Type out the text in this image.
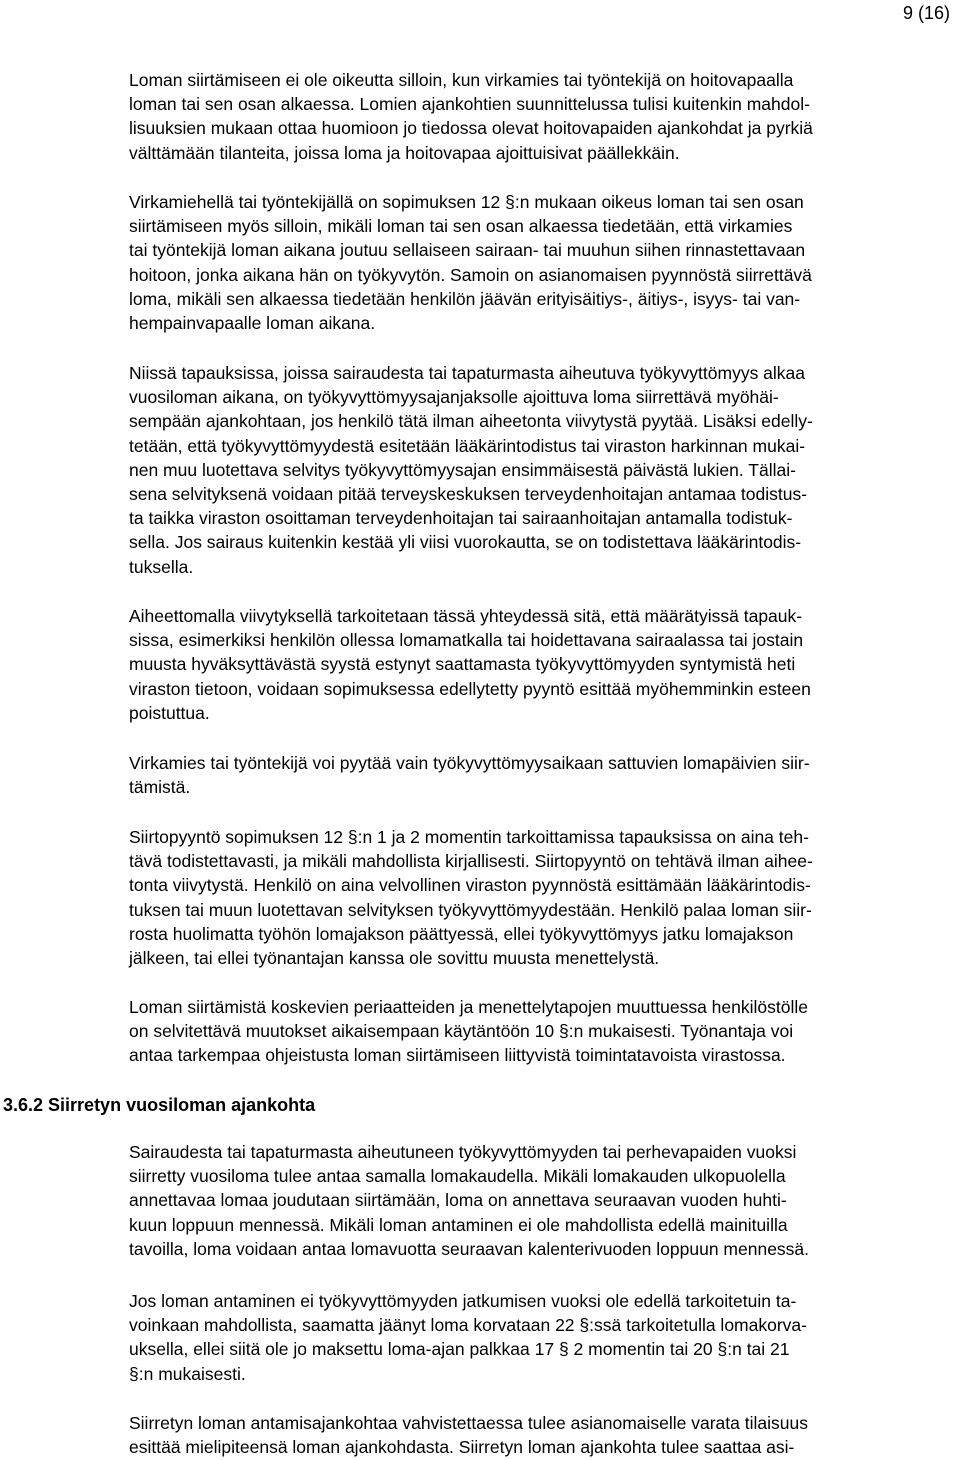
9 (16)
Loman siirtämiseen ei ole oikeutta silloin, kun virkamies tai työntekijä on hoitovapaalla
loman tai sen osan alkaessa. Lomien ajankohtien suunnittelussa tulisi kuitenkin mahdol-
lisuuksien mukaan ottaa huomioon jo tiedossa olevat hoitovapaiden ajankohdat ja pyrkiä
välttämään tilanteita, joissa loma ja hoitovapaa ajoittuisivat päällekkäin.
Virkamiehellä tai työntekijällä on sopimuksen 12 §:n mukaan oikeus loman tai sen osan
siirtämiseen myös silloin, mikäli loman tai sen osan alkaessa tiedetään, että virkamies
tai työntekijä loman aikana joutuu sellaiseen sairaan- tai muuhun siihen rinnastettavaan
hoitoon, jonka aikana hän on työkyvytön. Samoin on asianomaisen pyynnöstä siirrettävä
loma, mikäli sen alkaessa tiedetään henkilön jäävän erityisäitiys-, äitiys-, isyys- tai van-
hempainvapaalle loman aikana.
Niissä tapauksissa, joissa sairaudesta tai tapaturmasta aiheutuva työkyvyttömyys alkaa
vuosiloman aikana, on työkyvyttömyysajanjaksolle ajoittuva loma siirrettävä myöhäi-
sempään ajankohtaan, jos henkilö tätä ilman aiheetonta viivytystä pyytää. Lisäksi edelly-
tetään, että työkyvyttömyydestä esitetään lääkärintodistus tai viraston harkinnan mukai-
nen muu luotettava selvitys työkyvyttömyysajan ensimmäisestä päivästä lukien. Tällai-
sena selvityksenä voidaan pitää terveyskeskuksen terveydenhoitajan antamaa todistus-
ta taikka viraston osoittaman terveydenhoitajan tai sairaanhoitajan antamalla todistuk-
sella. Jos sairaus kuitenkin kestää yli viisi vuorokautta, se on todistettava lääkärintodis-
tuksella.
Aiheettomalla viivytyksellä tarkoitetaan tässä yhteydessä sitä, että määrätyissä tapauk-
sissa, esimerkiksi henkilön ollessa lomamatkalla tai hoidettavana sairaalassa tai jostain
muusta hyväksyttävästä syystä estynyt saattamasta työkyvyttömyyden syntymistä heti
viraston tietoon, voidaan sopimuksessa edellytetty pyyntö esittää myöhemminkin esteen
poistuttua.
Virkamies tai työntekijä voi pyytää vain työkyvyttömyysaikaan sattuvien lomapäivien siir-
tämistä.
Siirtopyyntö sopimuksen 12 §:n 1 ja 2 momentin tarkoittamissa tapauksissa on aina teh-
tävä todistettavasti, ja mikäli mahdollista kirjallisesti. Siirtopyyntö on tehtävä ilman aihee-
tonta viivytystä. Henkilö on aina velvollinen viraston pyynnöstä esittämään lääkärintodis-
tuksen tai muun luotettavan selvityksen työkyvyttömyydestään. Henkilö palaa loman siir-
rosta huolimatta työhön lomajakson päättyessä, ellei työkyvyttömyys jatku lomajakson
jälkeen, tai ellei työnantajan kanssa ole sovittu muusta menettelystä.
Loman siirtämistä koskevien periaatteiden ja menettelytapojen muuttuessa henkilöstölle
on selvitettävä muutokset aikaisempaan käytäntöön 10 §:n mukaisesti. Työnantaja voi
antaa tarkempaa ohjeistusta loman siirtämiseen liittyvistä toimintatavoista virastossa.
3.6.2 Siirretyn vuosiloman ajankohta
Sairaudesta tai tapaturmasta aiheutuneen työkyvyttömyyden tai perhevapaiden vuoksi
siirretty vuosiloma tulee antaa samalla lomakaudella. Mikäli lomakauden ulkopuolella
annettavaa lomaa joudutaan siirtämään, loma on annettava seuraavan vuoden huhti-
kuun loppuun mennessä. Mikäli loman antaminen ei ole mahdollista edellä mainituilla
tavoilla, loma voidaan antaa lomavuotta seuraavan kalenterivuoden loppuun mennessä.
Jos loman antaminen ei työkyvyttömyyden jatkumisen vuoksi ole edellä tarkoitetuin ta-
voinkaan mahdollista, saamatta jäänyt loma korvataan 22 §:ssä tarkoitetulla lomakorva-
uksella, ellei siitä ole jo maksettu loma-ajan palkkaa 17 § 2 momentin tai 20 §:n tai 21
§:n mukaisesti.
Siirretyn loman antamisajankohtaa vahvistettaessa tulee asianomaiselle varata tilaisuus
esittää mielipiteensä loman ajankohdasta. Siirretyn loman ajankohta tulee saattaa asi-
